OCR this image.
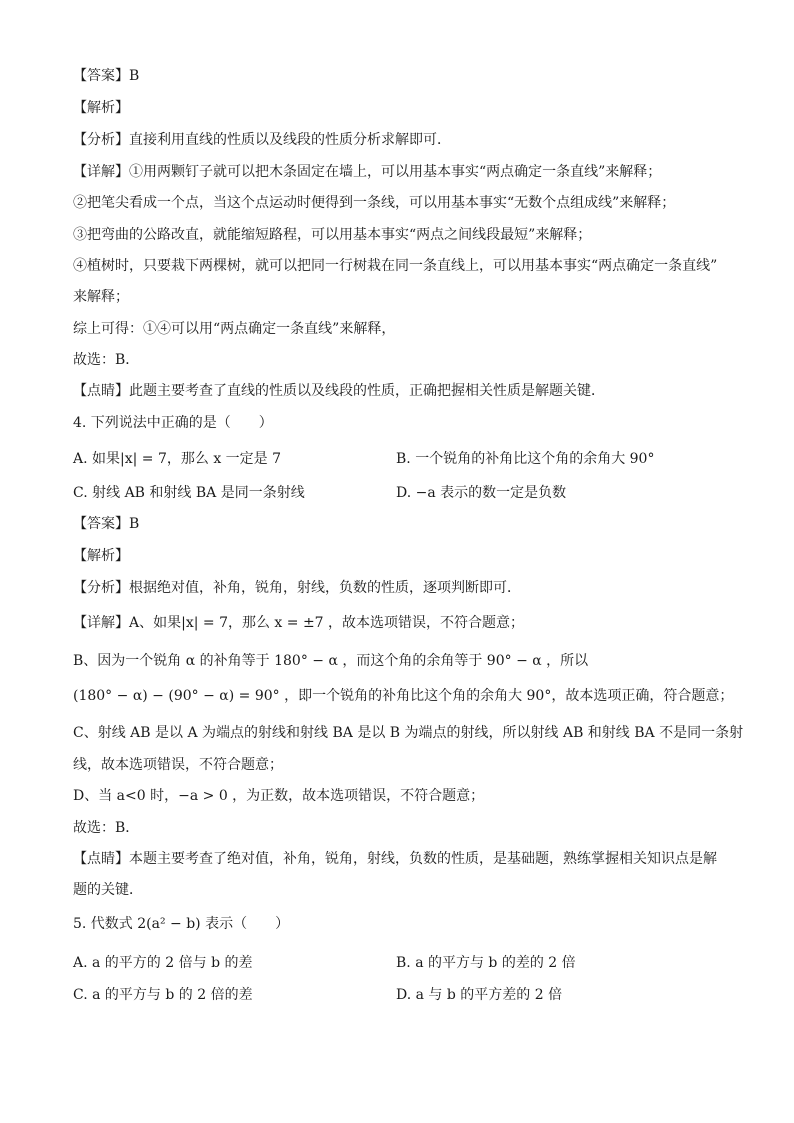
【答案】B
【解析】
【分析】直接利用直线的性质以及线段的性质分析求解即可．
【详解】①用两颗钉子就可以把木条固定在墙上，可以用基本事实“两点确定一条直线”来解释；
②把笔尖看成一个点，当这个点运动时便得到一条线，可以用基本事实“无数个点组成线”来解释；
③把弯曲的公路改直，就能缩短路程，可以用基本事实“两点之间线段最短”来解释；
④植树时，只要栽下两棵树，就可以把同一行树栽在同一条直线上，可以用基本事实“两点确定一条直线”
来解释；
综上可得：①④可以用“两点确定一条直线”来解释，
故选：B．
【点睛】此题主要考查了直线的性质以及线段的性质，正确把握相关性质是解题关键．
4. 下列说法中正确的是（　　）
A. 如果|x| = 7，那么 x 一定是 7	B. 一个锐角的补角比这个角的余角大 90°
C. 射线 AB 和射线 BA 是同一条射线	D. −a 表示的数一定是负数
【答案】B
【解析】
【分析】根据绝对值，补角，锐角，射线，负数的性质，逐项判断即可．
【详解】A、如果|x| = 7，那么 x = ±7 ，故本选项错误，不符合题意；
B、因为一个锐角 α 的补角等于 180° − α ，而这个角的余角等于 90° − α ，所以
(180° − α) − (90° − α) = 90° ，即一个锐角的补角比这个角的余角大 90°，故本选项正确，符合题意；
C、射线 AB 是以 A 为端点的射线和射线 BA 是以 B 为端点的射线，所以射线 AB 和射线 BA 不是同一条射
线，故本选项错误，不符合题意；
D、当 a<0 时，−a > 0 ，为正数，故本选项错误，不符合题意；
故选：B．
【点睛】本题主要考查了绝对值，补角，锐角，射线，负数的性质，是基础题，熟练掌握相关知识点是解
题的关键．
5. 代数式 2(a² − b) 表示（　　）
A. a 的平方的 2 倍与 b 的差	B. a 的平方与 b 的差的 2 倍
C. a 的平方与 b 的 2 倍的差	D. a 与 b 的平方差的 2 倍
